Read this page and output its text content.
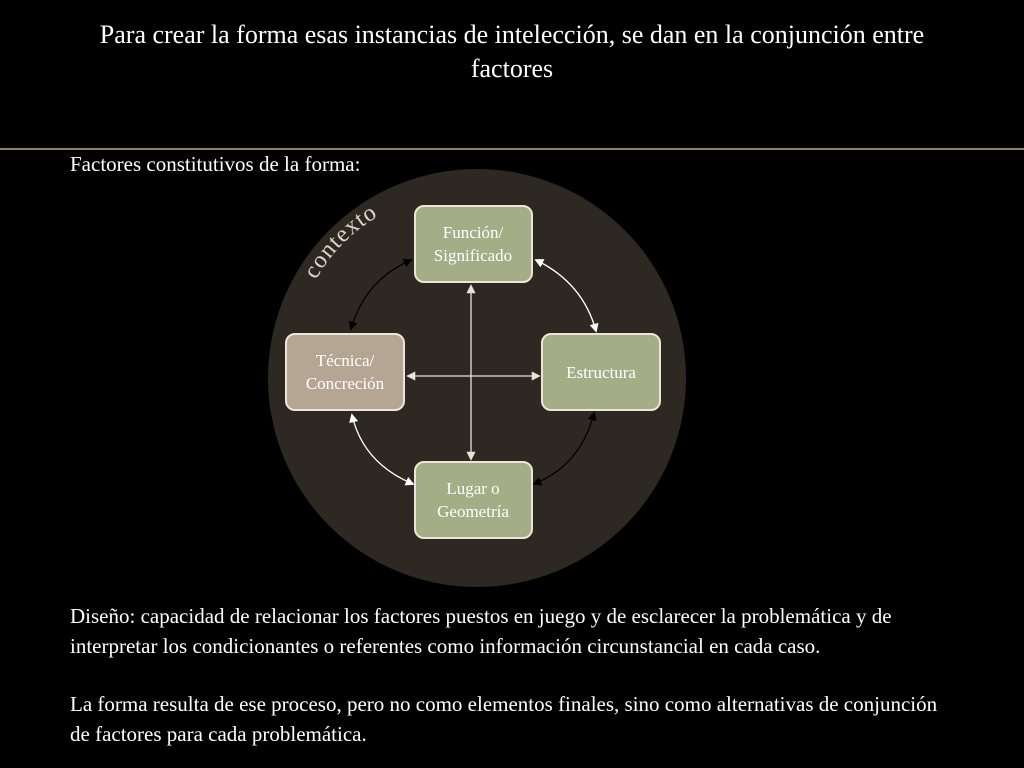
Para crear la forma esas instancias de intelección, se dan en la conjunción entre factores
Factores constitutivos de la forma:
contexto
Función/
Significado
Estructura
Técnica/
Concreción
Lugar o
Geometría
Diseño: capacidad de relacionar los factores puestos en juego y de esclarecer la problemática y de interpretar los condicionantes o referentes como información circunstancial en cada caso.
La forma resulta de ese proceso, pero no como elementos finales, sino como alternativas de conjunción de factores para cada problemática.
